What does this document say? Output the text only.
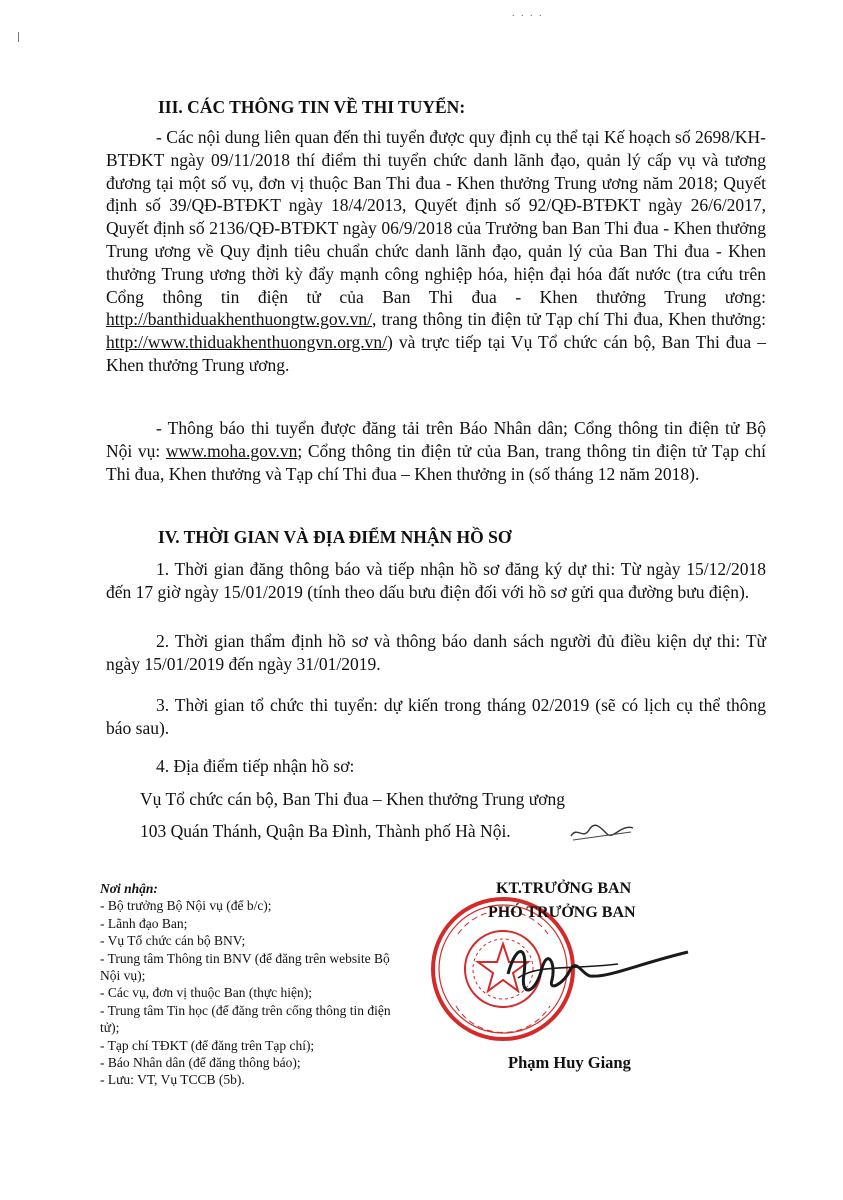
. . . .
III. CÁC THÔNG TIN VỀ THI TUYỂN:
- Các nội dung liên quan đến thi tuyển được quy định cụ thể tại Kế hoạch số 2698/KH-BTĐKT ngày 09/11/2018 thí điểm thi tuyển chức danh lãnh đạo, quản lý cấp vụ và tương đương tại một số vụ, đơn vị thuộc Ban Thi đua - Khen thưởng Trung ương năm 2018; Quyết định số 39/QĐ-BTĐKT ngày 18/4/2013, Quyết định số 92/QĐ-BTĐKT ngày 26/6/2017, Quyết định số 2136/QĐ-BTĐKT ngày 06/9/2018 của Trưởng ban Ban Thi đua - Khen thưởng Trung ương về Quy định tiêu chuẩn chức danh lãnh đạo, quản lý của Ban Thi đua - Khen thưởng Trung ương thời kỳ đẩy mạnh công nghiệp hóa, hiện đại hóa đất nước (tra cứu trên Cổng thông tin điện tử của Ban Thi đua - Khen thưởng Trung ương: http://banthiduakhenthuongtw.gov.vn/, trang thông tin điện tử Tạp chí Thi đua, Khen thưởng: http://www.thiduakhenthuongvn.org.vn/) và trực tiếp tại Vụ Tổ chức cán bộ, Ban Thi đua – Khen thưởng Trung ương.
- Thông báo thi tuyển được đăng tải trên Báo Nhân dân; Cổng thông tin điện tử Bộ Nội vụ: www.moha.gov.vn; Cổng thông tin điện tử của Ban, trang thông tin điện tử Tạp chí Thi đua, Khen thưởng và Tạp chí Thi đua – Khen thưởng in (số tháng 12 năm 2018).
IV. THỜI GIAN VÀ ĐỊA ĐIỂM NHẬN HỒ SƠ
1. Thời gian đăng thông báo và tiếp nhận hồ sơ đăng ký dự thi: Từ ngày 15/12/2018 đến 17 giờ ngày 15/01/2019 (tính theo dấu bưu điện đối với hồ sơ gửi qua đường bưu điện).
2. Thời gian thẩm định hồ sơ và thông báo danh sách người đủ điều kiện dự thi: Từ ngày 15/01/2019 đến ngày 31/01/2019.
3. Thời gian tổ chức thi tuyển: dự kiến trong tháng 02/2019 (sẽ có lịch cụ thể thông báo sau).
4. Địa điểm tiếp nhận hồ sơ:
Vụ Tổ chức cán bộ, Ban Thi đua – Khen thưởng Trung ương
103 Quán Thánh, Quận Ba Đình, Thành phố Hà Nội.
Nơi nhận:
- Bộ trưởng Bộ Nội vụ (để b/c);
- Lãnh đạo Ban;
- Vụ Tổ chức cán bộ BNV;
- Trung tâm Thông tin BNV (để đăng trên website Bộ Nội vụ);
- Các vụ, đơn vị thuộc Ban (thực hiện);
- Trung tâm Tin học (để đăng trên cổng thông tin điện tử);
- Tạp chí TĐKT (để đăng trên Tạp chí);
- Báo Nhân dân (để đăng thông báo);
- Lưu: VT, Vụ TCCB (5b).
KT.TRƯỞNG BAN
PHÓ TRƯỞNG BAN
Phạm Huy Giang
